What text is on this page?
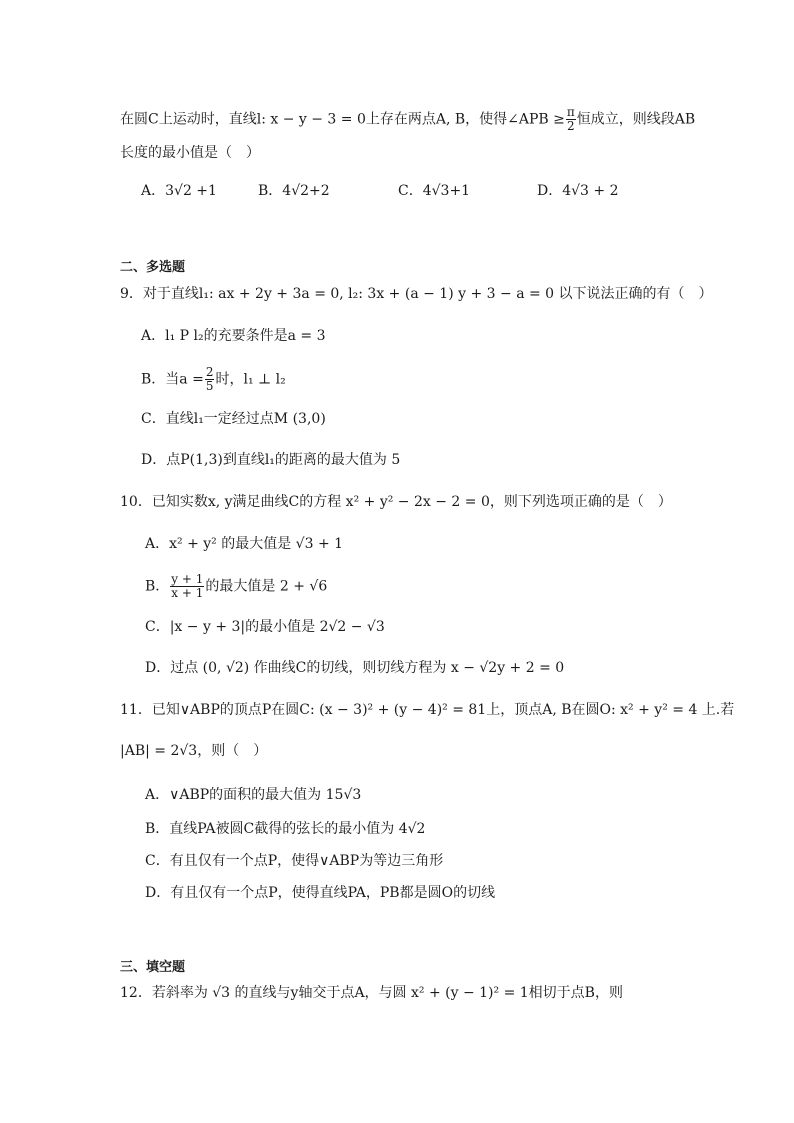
在圆C上运动时，直线l: x − y − 3 = 0上存在两点A, B，使得∠APB ≥ $\frac{\pi}{2}$ 恒成立，则线段AB
长度的最小值是（　）
A．3√2 +1	B．4√2+2	C．4√3+1	D．4√3 + 2
二、多选题
9．对于直线l₁: ax + 2y + 3a = 0, l₂: 3x + (a − 1) y + 3 − a = 0 以下说法正确的有（　）
A．l₁ P l₂的充要条件是a = 3
B．当$a = \frac{2}{5}$ 时，l₁ ⊥ l₂
C．直线l₁一定经过点M (3,0)
D．点P(1,3)到直线l₁的距离的最大值为 5
10．已知实数x, y满足曲线C的方程 x² + y² − 2x − 2 = 0，则下列选项正确的是（　）
A．x² + y² 的最大值是 √3 + 1
B． $\frac{y + 1}{x + 1}$ 的最大值是 2 + √6
C．|x − y + 3|的最小值是 2√2 − √3
D．过点 (0, √2) 作曲线C的切线，则切线方程为 x − √2y + 2 = 0
11．已知∨ABP的顶点P在圆C: (x − 3)² + (y − 4)² = 81上，顶点A, B在圆O: x² + y² = 4 上.若
|AB| = 2√3，则（　）
A．∨ABP的面积的最大值为 15√3
B．直线PA被圆C截得的弦长的最小值为 4√2
C．有且仅有一个点P，使得∨ABP为等边三角形
D．有且仅有一个点P，使得直线PA，PB都是圆O的切线
三、填空题
12．若斜率为 √3 的直线与y轴交于点A，与圆 x² + (y − 1)² = 1相切于点B，则
